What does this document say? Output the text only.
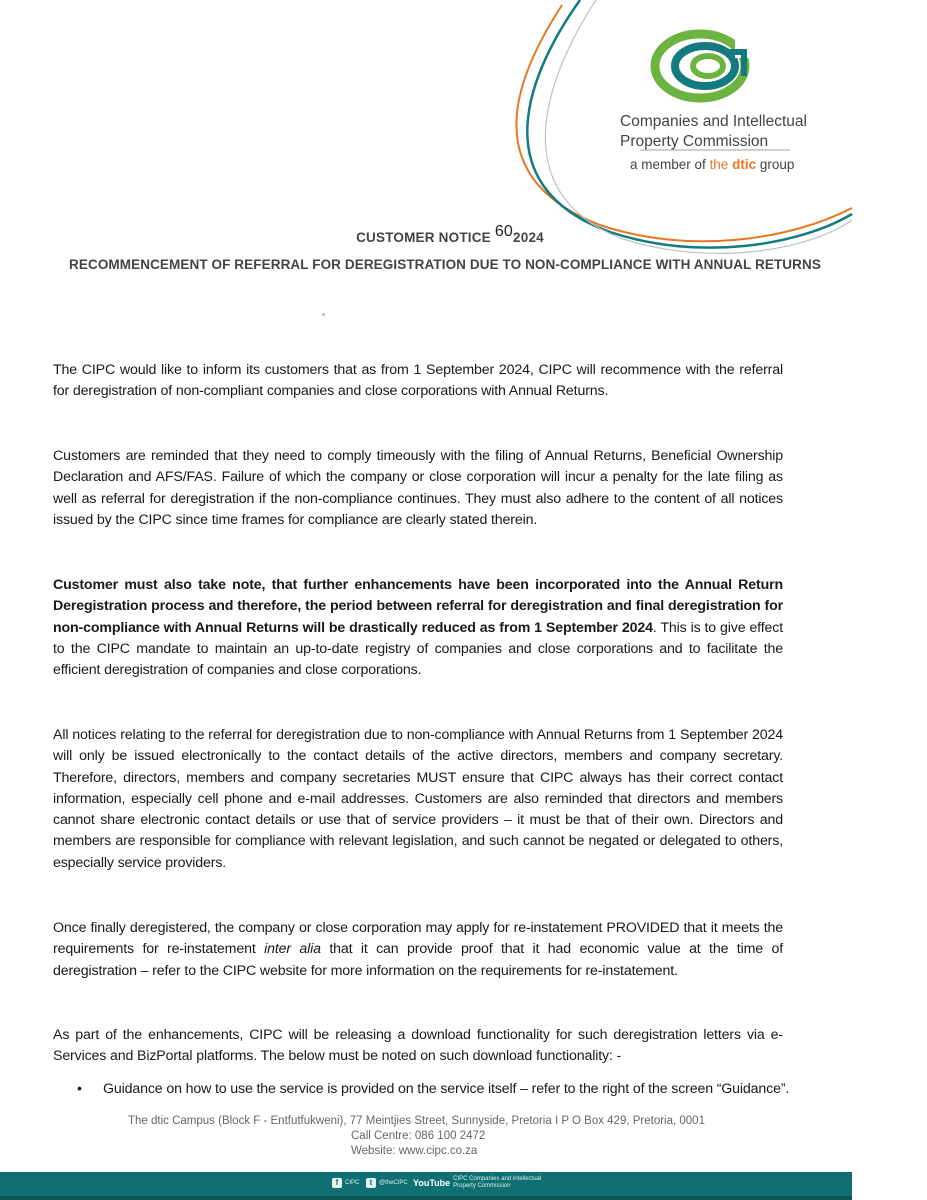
Companies and Intellectual
Property Commission
a member of the dtic group
CUSTOMER NOTICE 602024
RECOMMENCEMENT OF REFERRAL FOR DEREGISTRATION DUE TO NON-COMPLIANCE WITH ANNUAL RETURNS
The CIPC would like to inform its customers that as from 1 September 2024, CIPC will recommence with the referral for deregistration of non-compliant companies and close corporations with Annual Returns.
Customers are reminded that they need to comply timeously with the filing of Annual Returns, Beneficial Ownership Declaration and AFS/FAS. Failure of which the company or close corporation will incur a penalty for the late filing as well as referral for deregistration if the non-compliance continues. They must also adhere to the content of all notices issued by the CIPC since time frames for compliance are clearly stated therein.
Customer must also take note, that further enhancements have been incorporated into the Annual Return Deregistration process and therefore, the period between referral for deregistration and final deregistration for non-compliance with Annual Returns will be drastically reduced as from 1 September 2024. This is to give effect to the CIPC mandate to maintain an up-to-date registry of companies and close corporations and to facilitate the efficient deregistration of companies and close corporations.
All notices relating to the referral for deregistration due to non-compliance with Annual Returns from 1 September 2024 will only be issued electronically to the contact details of the active directors, members and company secretary. Therefore, directors, members and company secretaries MUST ensure that CIPC always has their correct contact information, especially cell phone and e-mail addresses. Customers are also reminded that directors and members cannot share electronic contact details or use that of service providers – it must be that of their own. Directors and members are responsible for compliance with relevant legislation, and such cannot be negated or delegated to others, especially service providers.
Once finally deregistered, the company or close corporation may apply for re-instatement PROVIDED that it meets the requirements for re-instatement inter alia that it can provide proof that it had economic value at the time of deregistration – refer to the CIPC website for more information on the requirements for re-instatement.
As part of the enhancements, CIPC will be releasing a download functionality for such deregistration letters via e-Services and BizPortal platforms. The below must be noted on such download functionality: -
• Guidance on how to use the service is provided on the service itself – refer to the right of the screen “Guidance”.
The dtic Campus (Block F - Entfutfukweni), 77 Meintjies Street, Sunnyside, Pretoria I P O Box 429, Pretoria, 0001
Call Centre: 086 100 2472
Website: www.cipc.co.za
f	CIPC	t	@theCIPC YouTube CIPC Companies and intellectual
Property Commission
